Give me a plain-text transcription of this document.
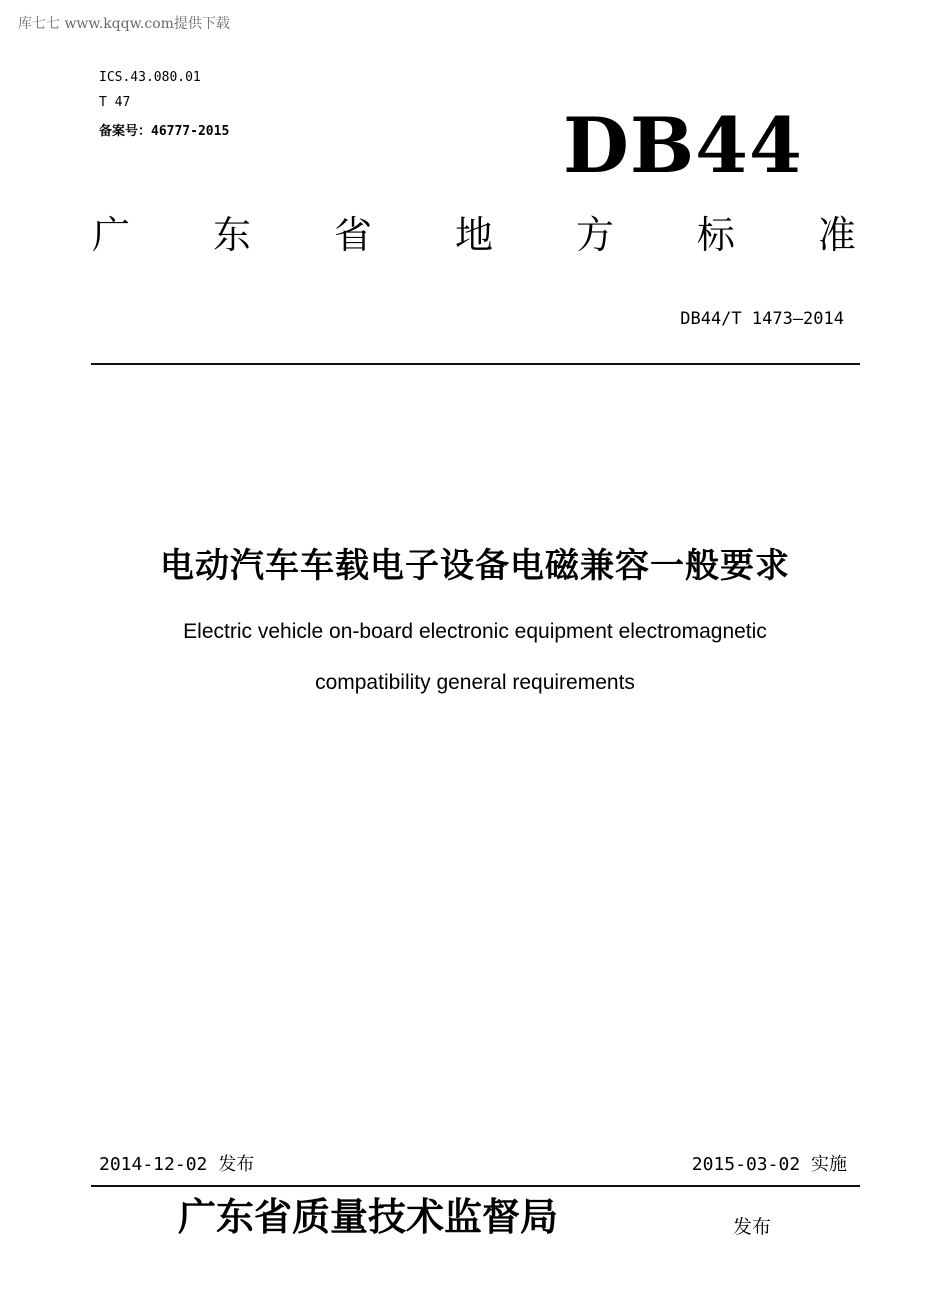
库七七 www.kqqw.com提供下载
ICS.43.080.01
T 47
备案号：46777-2015	DB44
广 东 省 地 方 标 准
DB44/T 1473—2014
电动汽车车载电子设备电磁兼容一般要求
Electric vehicle on-board electronic equipment electromagnetic
compatibility general requirements
2014-12-02 发布	2015-03-02 实施
广东省质量技术监督局	发布
